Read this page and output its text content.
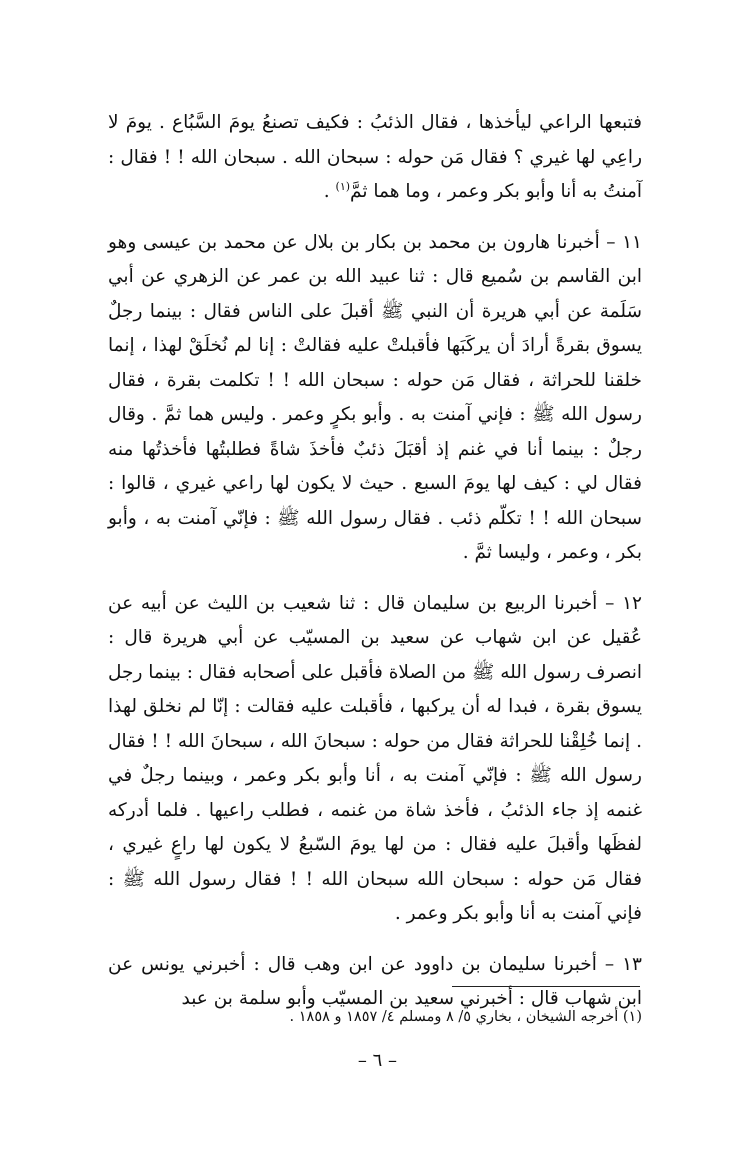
فتبعها الراعي ليأخذها ، فقال الذئبُ : فكيف تصنعُ يومَ السَّبُاع . يومَ لا راعِي لها غيري ؟ فقال مَن حوله : سبحان الله . سبحان الله ! ! فقال : آمنتُ به أنا وأبو بكر وعمر ، وما هما ثمَّ$^{(١)}$ .

١١ – أخبرنا هارون بن محمد بن بكار بن بلال عن محمد بن عيسى وهو ابن القاسم بن سُميع قال : ثنا عبيد الله بن عمر عن الزهري عن أبي سَلَمة عن أبي هريرة أن النبي ﷺ أقبلَ على الناس فقال : بينما رجلٌ يسوق بقرةً أرادَ أن يركَبَها فأقبلتْ عليه فقالتْ : إنا لم نُخلَقْ لهذا ، إنما خلقنا للحراثة ، فقال مَن حوله : سبحان الله ! ! تكلمت بقرة ، فقال رسول الله ﷺ : فإني آمنت به . وأبو بكرٍ وعمر . وليس هما ثمَّ . وقال رجلٌ : بينما أنا في غنم إذ أقبَلَ ذئبٌ فأخذَ شاةً فطلبتُها فأخذتُها منه فقال لي : كيف لها يومَ السبع . حيث لا يكون لها راعي غيري ، قالوا : سبحان الله ! ! تكلّم ذئب . فقال رسول الله ﷺ : فإنّي آمنت به ، وأبو بكر ، وعمر ، وليسا ثمَّ .

١٢ – أخبرنا الربيع بن سليمان قال : ثنا شعيب بن الليث عن أبيه عن عُقيل عن ابن شهاب عن سعيد بن المسيّب عن أبي هريرة قال : انصرف رسول الله ﷺ من الصلاة فأقبل على أصحابه فقال : بينما رجل يسوق بقرة ، فبدا له أن يركبها ، فأقبلت عليه فقالت : إنّا لم نخلق لهذا . إنما خُلِقْنا للحراثة فقال من حوله : سبحانَ الله ، سبحانَ الله ! ! فقال رسول الله ﷺ : فإنّي آمنت به ، أنا وأبو بكر وعمر ، وبينما رجلٌ في غنمه إذ جاء الذئبُ ، فأخذ شاة من غنمه ، فطلب راعيها . فلما أدركه لفظَها وأقبلَ عليه فقال : من لها يومَ السّبعُ لا يكون لها راعٍ غيري ، فقال مَن حوله : سبحان الله سبحان الله ! ! فقال رسول الله ﷺ : فإني آمنت به أنا وأبو بكر وعمر .

١٣ – أخبرنا سليمان بن داوود عن ابن وهب قال : أخبرني يونس عن ابن شهاب قال : أخبرني سعيد بن المسيّب وأبو سلمة بن عبد

(١) أخرجه الشيخان ، بخاري ٥/ ٨ ومسلم ٤/ ١٨٥٧ و ١٨٥٨ .
– ٦ –
